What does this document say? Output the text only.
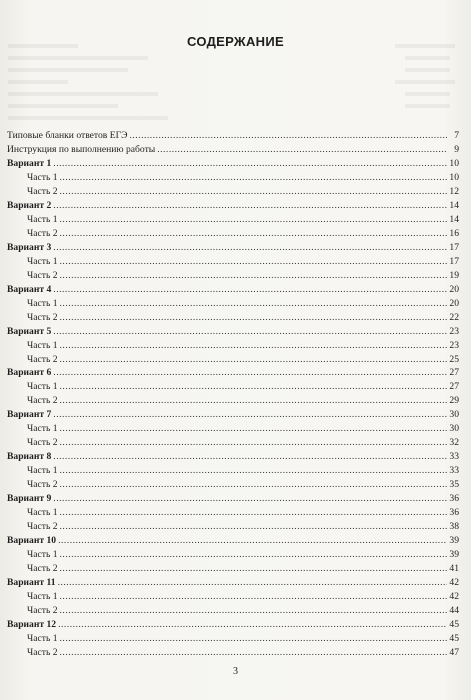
СОДЕРЖАНИЕ
Типовые бланки ответов ЕГЭ .....	7
Инструкция по выполнению работы .....	9
Вариант 1 .....	10
Часть 1 .....	10
Часть 2 .....	12
Вариант 2 .....	14
Часть 1 .....	14
Часть 2 .....	16
Вариант 3 .....	17
Часть 1 .....	17
Часть 2 .....	19
Вариант 4 .....	20
Часть 1 .....	20
Часть 2 .....	22
Вариант 5 .....	23
Часть 1 .....	23
Часть 2 .....	25
Вариант 6 .....	27
Часть 1 .....	27
Часть 2 .....	29
Вариант 7 .....	30
Часть 1 .....	30
Часть 2 .....	32
Вариант 8 .....	33
Часть 1 .....	33
Часть 2 .....	35
Вариант 9 .....	36
Часть 1 .....	36
Часть 2 .....	38
Вариант 10 .....	39
Часть 1 .....	39
Часть 2 .....	41
Вариант 11 .....	42
Часть 1 .....	42
Часть 2 .....	44
Вариант 12 .....	45
Часть 1 .....	45
Часть 2 .....	47
3
